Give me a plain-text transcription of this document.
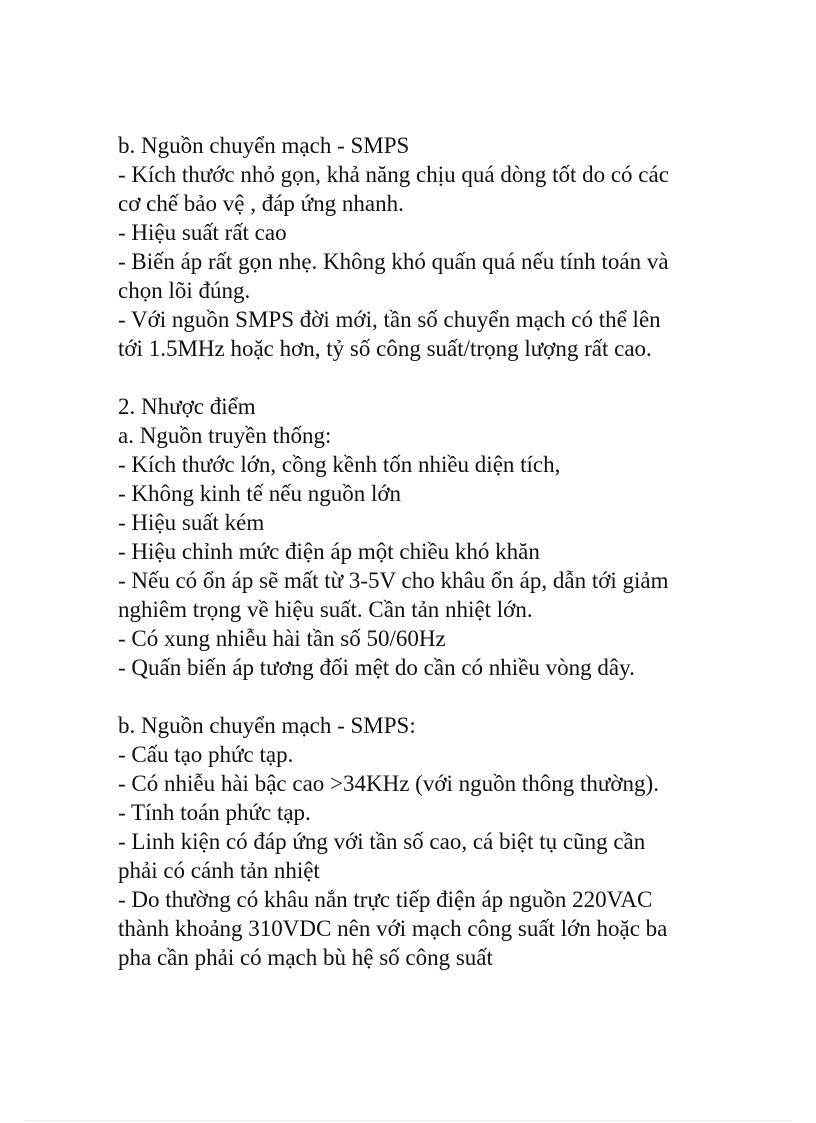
b. Nguồn chuyển mạch - SMPS

- Kích thước nhỏ gọn, khả năng chịu quá dòng tốt do có các

cơ chế bảo vệ , đáp ứng nhanh.

- Hiệu suất rất cao

- Biến áp rất gọn nhẹ. Không khó quấn quá nếu tính toán và

chọn lõi đúng.

- Với nguồn SMPS đời mới, tần số chuyển mạch có thể lên

tới 1.5MHz hoặc hơn, tỷ số công suất/trọng lượng rất cao.

2. Nhược điểm

a. Nguồn truyền thống:

- Kích thước lớn, cồng kềnh tốn nhiều diện tích,

- Không kinh tế nếu nguồn lớn

- Hiệu suất kém

- Hiệu chỉnh mức điện áp một chiều khó khăn

- Nếu có ổn áp sẽ mất từ 3-5V cho khâu ổn áp, dẫn tới giảm

nghiêm trọng về hiệu suất. Cần tản nhiệt lớn.

- Có xung nhiễu hài tần số 50/60Hz

- Quấn biến áp tương đối mệt do cần có nhiều vòng dây.

b. Nguồn chuyển mạch - SMPS:

- Cấu tạo phức tạp.

- Có nhiễu hài bậc cao >34KHz (với nguồn thông thường).

- Tính toán phức tạp.

- Linh kiện có đáp ứng với tần số cao, cá biệt tụ cũng cần

phải có cánh tản nhiệt

- Do thường có khâu nắn trực tiếp điện áp nguồn 220VAC

thành khoảng 310VDC nên với mạch công suất lớn hoặc ba

pha cần phải có mạch bù hệ số công suất
